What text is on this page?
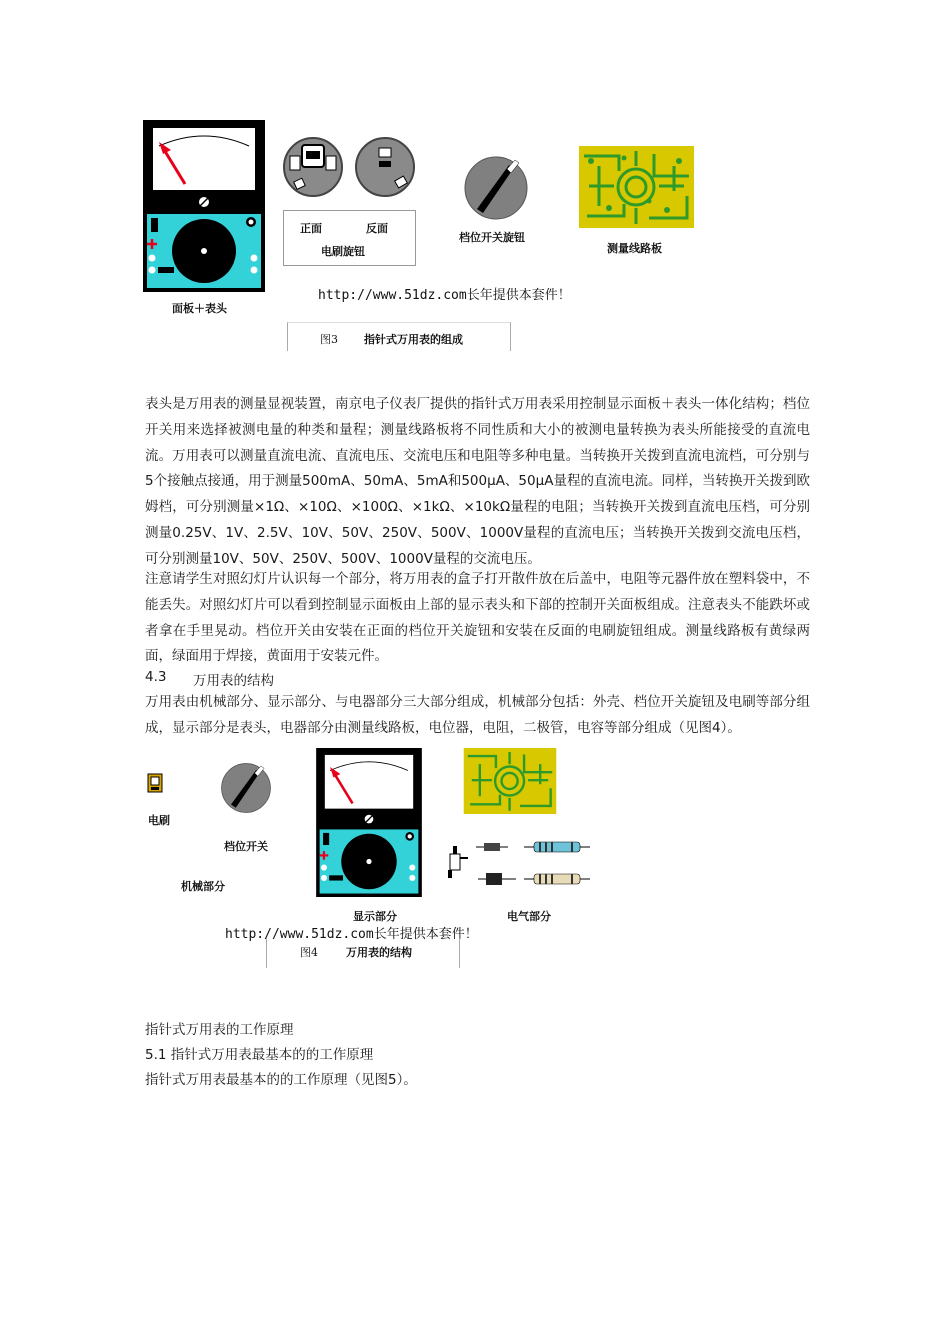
面板＋表头
正面	反面
电刷旋钮
档位开关旋钮
测量线路板
http://www.51dz.com长年提供本套件！
图3 指针式万用表的组成
表头是万用表的测量显视装置，南京电子仪表厂提供的指针式万用表采用控制显示面板＋表头一体化结构；档位开关用来选择被测电量的种类和量程；测量线路板将不同性质和大小的被测电量转换为表头所能接受的直流电流。万用表可以测量直流电流、直流电压、交流电压和电阻等多种电量。当转换开关拨到直流电流档，可分别与5个接触点接通，用于测量500mA、50mA、5mA和500μA、50μA量程的直流电流。同样，当转换开关拨到欧姆档，可分别测量×1Ω、×10Ω、×100Ω、×1kΩ、×10kΩ量程的电阻；当转换开关拨到直流电压档，可分别测量0.25V、1V、2.5V、10V、50V、250V、500V、1000V量程的直流电压；当转换开关拨到交流电压档，可分别测量10V、50V、250V、500V、1000V量程的交流电压。
注意请学生对照幻灯片认识每一个部分，将万用表的盒子打开散件放在后盖中，电阻等元器件放在塑料袋中，不能丢失。对照幻灯片可以看到控制显示面板由上部的显示表头和下部的控制开关面板组成。注意表头不能跌坏或者拿在手里晃动。档位开关由安装在正面的档位开关旋钮和安装在反面的电刷旋钮组成。测量线路板有黄绿两面，绿面用于焊接，黄面用于安装元件。
4.3 万用表的结构
万用表由机械部分、显示部分、与电器部分三大部分组成，机械部分包括：外壳、档位开关旋钮及电刷等部分组成，显示部分是表头，电器部分由测量线路板，电位器，电阻，二极管，电容等部分组成（见图4）。
电刷
档位开关
机械部分
显示部分	电气部分
http://www.51dz.com长年提供本套件！
图4	万用表的结构
指针式万用表的工作原理
5.1 指针式万用表最基本的的工作原理
指针式万用表最基本的的工作原理（见图5）。
